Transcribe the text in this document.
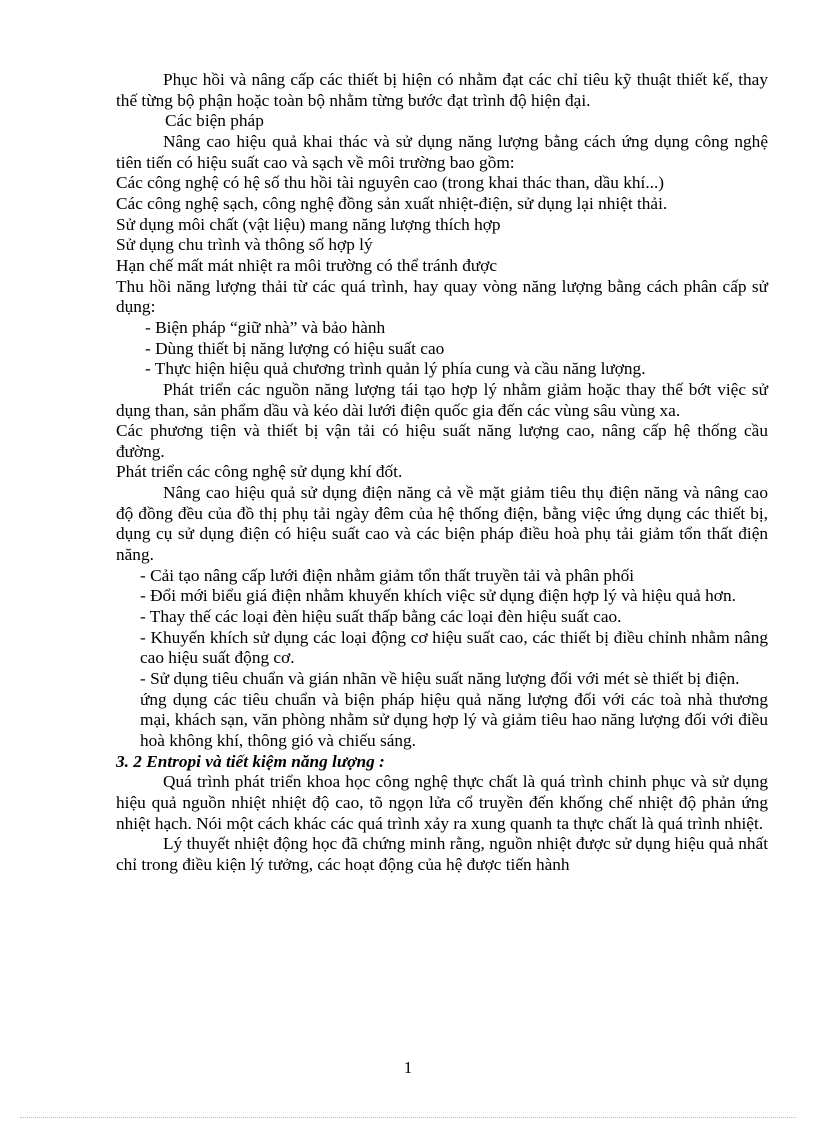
Phục hồi và nâng cấp các thiết bị hiện có nhằm đạt các chỉ tiêu kỹ thuật thiết kế, thay thế từng bộ phận hoặc toàn bộ nhằm từng bước đạt trình độ hiện đại.

Các biện pháp

Nâng cao hiệu quả khai thác và sử dụng năng lượng bằng cách ứng dụng công nghệ tiên tiến có hiệu suất cao và sạch về môi trường bao gồm:

Các công nghệ có hệ số thu hồi tài nguyên cao (trong khai thác than, dầu khí...)

Các công nghệ sạch, công nghệ đồng sản xuất nhiệt-điện, sử dụng lại nhiệt thải.

Sử dụng môi chất (vật liệu) mang năng lượng thích hợp

Sử dụng chu trình và thông số hợp lý

Hạn chế mất mát nhiệt ra môi trường có thể tránh được

Thu hồi năng lượng thải từ các quá trình, hay quay vòng năng lượng bằng cách phân cấp sử dụng:

- Biện pháp “giữ nhà” và bảo hành

- Dùng thiết bị năng lượng có hiệu suất cao

- Thực hiện hiệu quả chương trình quản lý phía cung và cầu năng lượng.

Phát triển các nguồn năng lượng tái tạo hợp lý nhằm giảm hoặc thay thế bớt việc sử dụng than, sản phẩm dầu và kéo dài lưới điện quốc gia đến các vùng sâu vùng xa.

Các phương tiện và thiết bị vận tải có hiệu suất năng lượng cao, nâng cấp hệ thống cầu đường.

Phát triển các công nghệ sử dụng khí đốt.

Nâng cao hiệu quả sử dụng điện năng cả về mặt giảm tiêu thụ điện năng và nâng cao độ đồng đều của đồ thị phụ tải ngày đêm của hệ thống điện, bằng việc ứng dụng các thiết bị, dụng cụ sử dụng điện có hiệu suất cao và các biện pháp điều hoà phụ tải giảm tổn thất điện năng.

- Cải tạo nâng cấp lưới điện nhằm giảm tổn thất truyền tải và phân phối

- Đổi mới biểu giá điện nhằm khuyến khích việc sử dụng điện hợp lý và hiệu quả hơn.

- Thay thế các loại đèn hiệu suất thấp bằng các loại đèn hiệu suất cao.

- Khuyến khích sử dụng các loại động cơ hiệu suất cao, các thiết bị điều chỉnh nhằm nâng cao hiệu suất động cơ.

- Sử dụng tiêu chuẩn và gián nhãn về hiệu suất năng lượng đối với mét sè thiết bị điện.

ứng dụng các tiêu chuẩn và biện pháp hiệu quả năng lượng đối với các toà nhà thương mại, khách sạn, văn phòng nhằm sử dụng hợp lý và giảm tiêu hao năng lượng đối với điều hoà không khí, thông gió và chiếu sáng.

3. 2 Entropi và tiết kiệm năng lượng :

Quá trình phát triển khoa học công nghệ thực chất là quá trình chinh phục và sử dụng hiệu quả nguồn nhiệt nhiệt độ cao, tõ ngọn lửa cổ truyền đến khống chế nhiệt độ phản ứng nhiệt hạch. Nói một cách khác các quá trình xảy ra xung quanh ta thực chất là quá trình nhiệt.

Lý thuyết nhiệt động học đã chứng minh rằng, nguồn nhiệt được sử dụng hiệu quả nhất chỉ trong điều kiện lý tưởng, các hoạt động của hệ được tiến hành

1
